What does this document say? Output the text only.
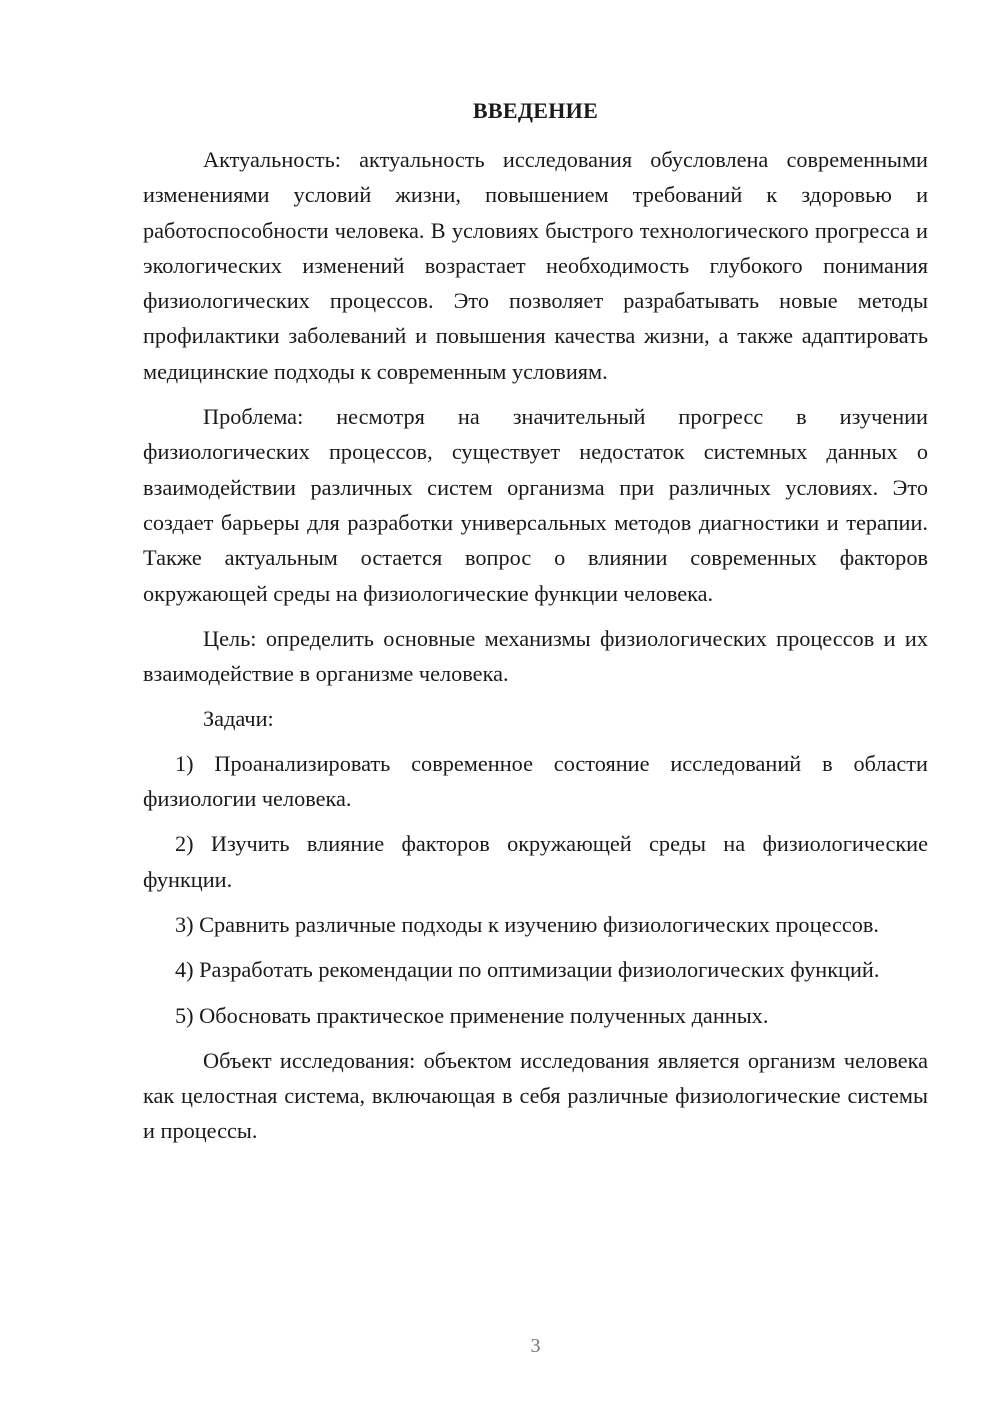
ВВЕДЕНИЕ

Актуальность: актуальность исследования обусловлена современными изменениями условий жизни, повышением требований к здоровью и работоспособности человека. В условиях быстрого технологического прогресса и экологических изменений возрастает необходимость глубокого понимания физиологических процессов. Это позволяет разрабатывать новые методы профилактики заболеваний и повышения качества жизни, а также адаптировать медицинские подходы к современным условиям.

Проблема: несмотря на значительный прогресс в изучении физиологических процессов, существует недостаток системных данных о взаимодействии различных систем организма при различных условиях. Это создает барьеры для разработки универсальных методов диагностики и терапии. Также актуальным остается вопрос о влиянии современных факторов окружающей среды на физиологические функции человека.

Цель: определить основные механизмы физиологических процессов и их взаимодействие в организме человека.

Задачи:

1) Проанализировать современное состояние исследований в области физиологии человека.

2) Изучить влияние факторов окружающей среды на физиологические функции.

3) Сравнить различные подходы к изучению физиологических процессов.

4) Разработать рекомендации по оптимизации физиологических функций.

5) Обосновать практическое применение полученных данных.

Объект исследования: объектом исследования является организм человека как целостная система, включающая в себя различные физиологические системы и процессы.

3
